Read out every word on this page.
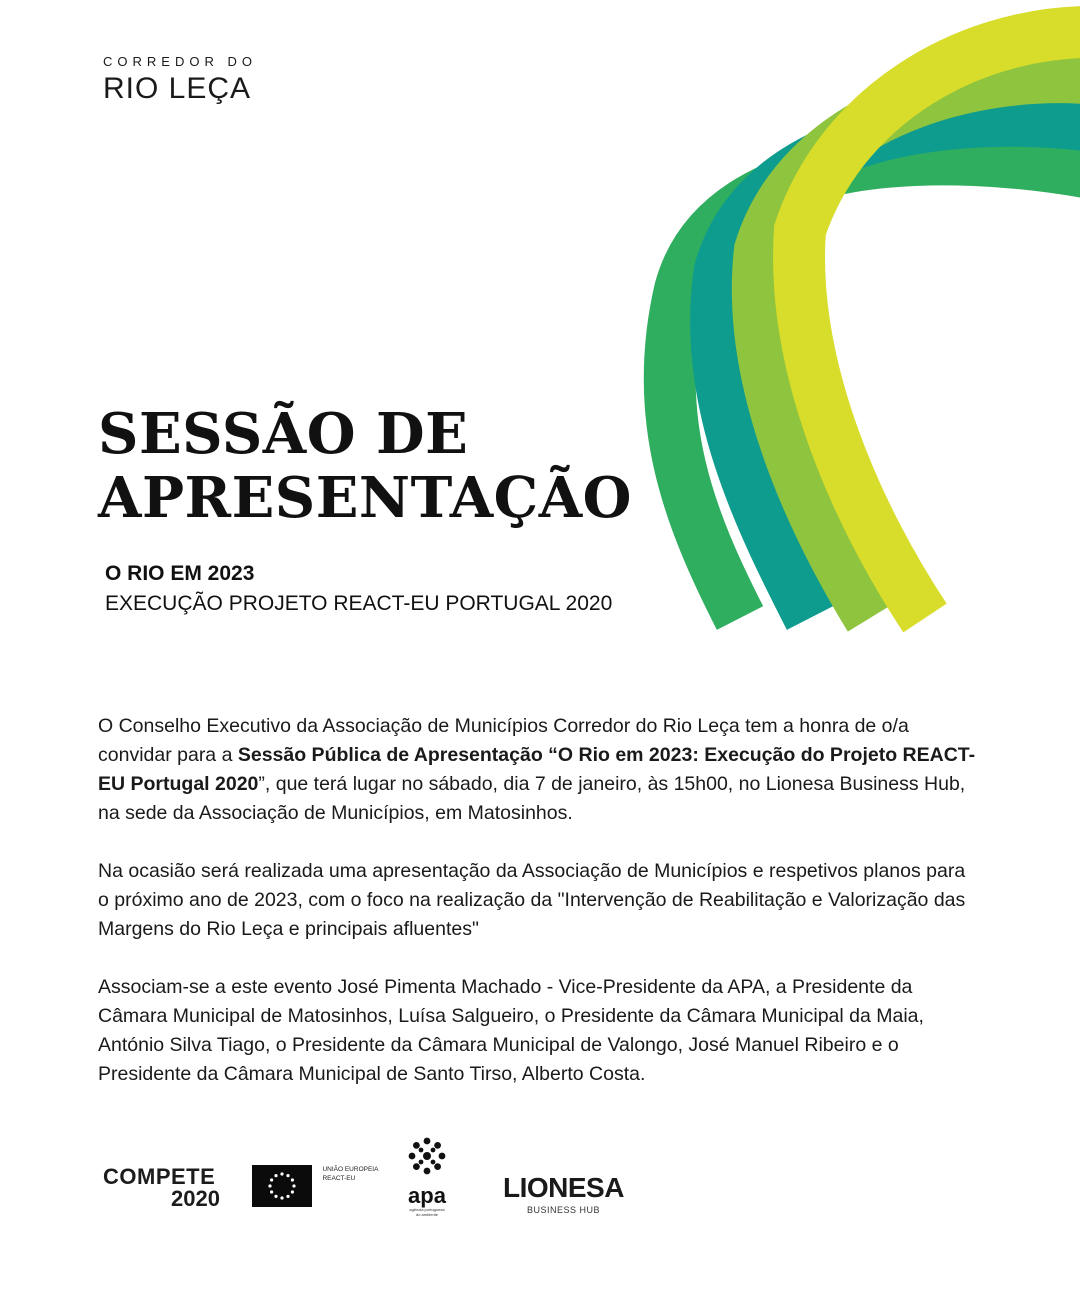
CORREDOR DO
RIO LEÇA
SESSÃO DE
APRESENTAÇÃO
O RIO EM 2023
EXECUÇÃO PROJETO REACT-EU PORTUGAL 2020

O Conselho Executivo da Associação de Municípios Corredor do Rio Leça tem a honra de o/a convidar para a Sessão Pública de Apresentação “O Rio em 2023: Execução do Projeto REACT-EU Portugal 2020”, que terá lugar no sábado, dia 7 de janeiro, às 15h00, no Lionesa Business Hub, na sede da Associação de Municípios, em Matosinhos.

Na ocasião será realizada uma apresentação da Associação de Municípios e respetivos planos para o próximo ano de 2023, com o foco na realização da "Intervenção de Reabilitação e Valorização das Margens do Rio Leça e principais afluentes"

Associam-se a este evento José Pimenta Machado - Vice-Presidente da APA, a Presidente da Câmara Municipal de Matosinhos, Luísa Salgueiro, o Presidente da Câmara Municipal da Maia, António Silva Tiago, o Presidente da Câmara Municipal de Valongo, José Manuel Ribeiro e o Presidente da Câmara Municipal de Santo Tirso, Alberto Costa.

COMPETE
2020

UNIÃO EUROPEIA
REACT-EU
apa
agência portuguesa
do ambiente
LIONESA
BUSINESS HUB
